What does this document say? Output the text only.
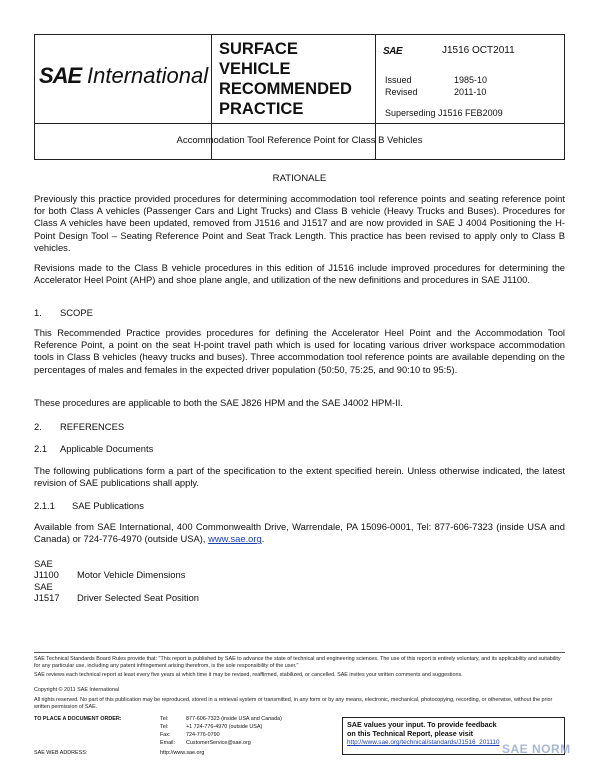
SAE International
SURFACE
VEHICLE
RECOMMENDED
PRACTICE
SAE	J1516 OCT2011
Issued	1985-10
Revised	2011-10
Superseding J1516 FEB2009
Accommodation Tool Reference Point for Class B Vehicles
RATIONALE
Previously this practice provided procedures for determining accommodation tool reference points and seating reference point for both Class A vehicles (Passenger Cars and Light Trucks) and Class B vehicle (Heavy Trucks and Buses). Procedures for Class A vehicles have been updated, removed from J1516 and J1517 and are now provided in SAE J 4004 Positioning the H-Point Design Tool – Seating Reference Point and Seat Track Length. This practice has been revised to apply only to Class B vehicles.
Revisions made to the Class B vehicle procedures in this edition of J1516 include improved procedures for determining the Accelerator Heel Point (AHP) and shoe plane angle, and utilization of the new definitions and procedures in SAE J1100.
1. SCOPE
This Recommended Practice provides procedures for defining the Accelerator Heel Point and the Accommodation Tool Reference Point, a point on the seat H-point travel path which is used for locating various driver workspace accommodation tools in Class B vehicles (heavy trucks and buses). Three accommodation tool reference points are available depending on the percentages of males and females in the expected driver population (50:50, 75:25, and 90:10 to 95:5).
These procedures are applicable to both the SAE J826 HPM and the SAE J4002 HPM-II.
2. REFERENCES
2.1 Applicable Documents
The following publications form a part of the specification to the extent specified herein. Unless otherwise indicated, the latest revision of SAE publications shall apply.
2.1.1 SAE Publications
Available from SAE International, 400 Commonwealth Drive, Warrendale, PA 15096-0001, Tel: 877-606-7323 (inside USA and Canada) or 724-776-4970 (outside USA), www.sae.org.
SAE J1100 Motor Vehicle Dimensions
SAE J1517 Driver Selected Seat Position
SAE Technical Standards Board Rules provide that: "This report is published by SAE to advance the state of technical and engineering sciences. The use of this report is entirely voluntary, and its applicability and suitability for any particular use, including any patent infringement arising therefrom, is the sole responsibility of the user."
SAE reviews each technical report at least every five years at which time it may be revised, reaffirmed, stabilized, or cancelled. SAE invites your written comments and suggestions.
Copyright © 2011 SAE International
All rights reserved. No part of this publication may be reproduced, stored in a retrieval system or transmitted, in any form or by any means, electronic, mechanical, photocopying, recording, or otherwise, without the prior written permission of SAE.
TO PLACE A DOCUMENT ORDER:	Tel:	877-606-7323 (inside USA and Canada)
Tel:	+1 724-776-4970 (outside USA)
Fax:	724-776-0790
Email: CustomerService@sae.org
SAE WEB ADDRESS:	http://www.sae.org
SAE values your input. To provide feedback
on this Technical Report, please visit
http://www.sae.org/technical/standards/J1516_201110 SAE NORM
